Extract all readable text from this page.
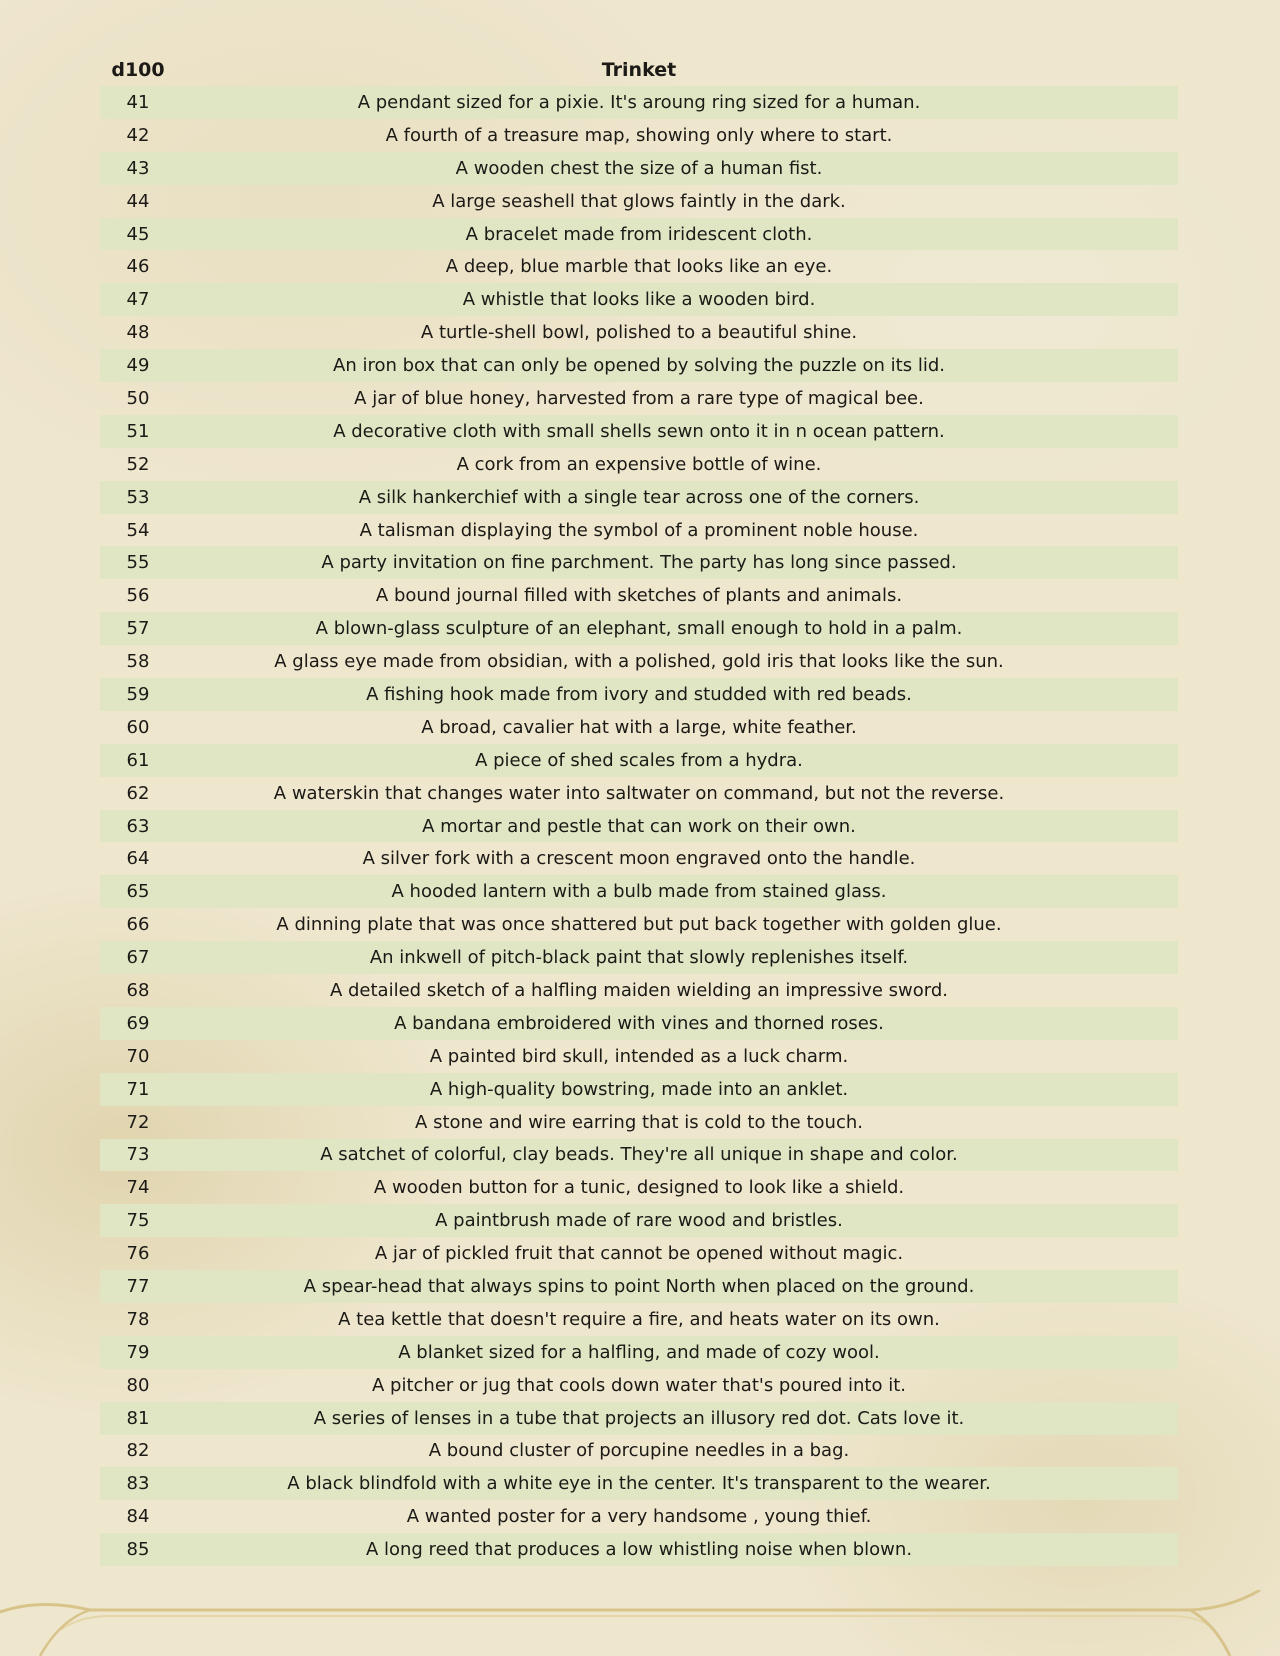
d100	Trinket
41	A pendant sized for a pixie. It's aroung ring sized for a human.
42	A fourth of a treasure map, showing only where to start.
43	A wooden chest the size of a human fist.
44	A large seashell that glows faintly in the dark.
45	A bracelet made from iridescent cloth.
46	A deep, blue marble that looks like an eye.
47	A whistle that looks like a wooden bird.
48	A turtle-shell bowl, polished to a beautiful shine.
49	An iron box that can only be opened by solving the puzzle on its lid.
50	A jar of blue honey, harvested from a rare type of magical bee.
51	A decorative cloth with small shells sewn onto it in n ocean pattern.
52	A cork from an expensive bottle of wine.
53	A silk hankerchief with a single tear across one of the corners.
54	A talisman displaying the symbol of a prominent noble house.
55	A party invitation on fine parchment. The party has long since passed.
56	A bound journal filled with sketches of plants and animals.
57	A blown-glass sculpture of an elephant, small enough to hold in a palm.
58	A glass eye made from obsidian, with a polished, gold iris that looks like the sun.
59	A fishing hook made from ivory and studded with red beads.
60	A broad, cavalier hat with a large, white feather.
61	A piece of shed scales from a hydra.
62	A waterskin that changes water into saltwater on command, but not the reverse.
63	A mortar and pestle that can work on their own.
64	A silver fork with a crescent moon engraved onto the handle.
65	A hooded lantern with a bulb made from stained glass.
66	A dinning plate that was once shattered but put back together with golden glue.
67	An inkwell of pitch-black paint that slowly replenishes itself.
68	A detailed sketch of a halfling maiden wielding an impressive sword.
69	A bandana embroidered with vines and thorned roses.
70	A painted bird skull, intended as a luck charm.
71	A high-quality bowstring, made into an anklet.
72	A stone and wire earring that is cold to the touch.
73	A satchet of colorful, clay beads. They're all unique in shape and color.
74	A wooden button for a tunic, designed to look like a shield.
75	A paintbrush made of rare wood and bristles.
76	A jar of pickled fruit that cannot be opened without magic.
77	A spear-head that always spins to point North when placed on the ground.
78	A tea kettle that doesn't require a fire, and heats water on its own.
79	A blanket sized for a halfling, and made of cozy wool.
80	A pitcher or jug that cools down water that's poured into it.
81	A series of lenses in a tube that projects an illusory red dot. Cats love it.
82	A bound cluster of porcupine needles in a bag.
83	A black blindfold with a white eye in the center. It's transparent to the wearer.
84	A wanted poster for a very handsome , young thief.
85	A long reed that produces a low whistling noise when blown.
